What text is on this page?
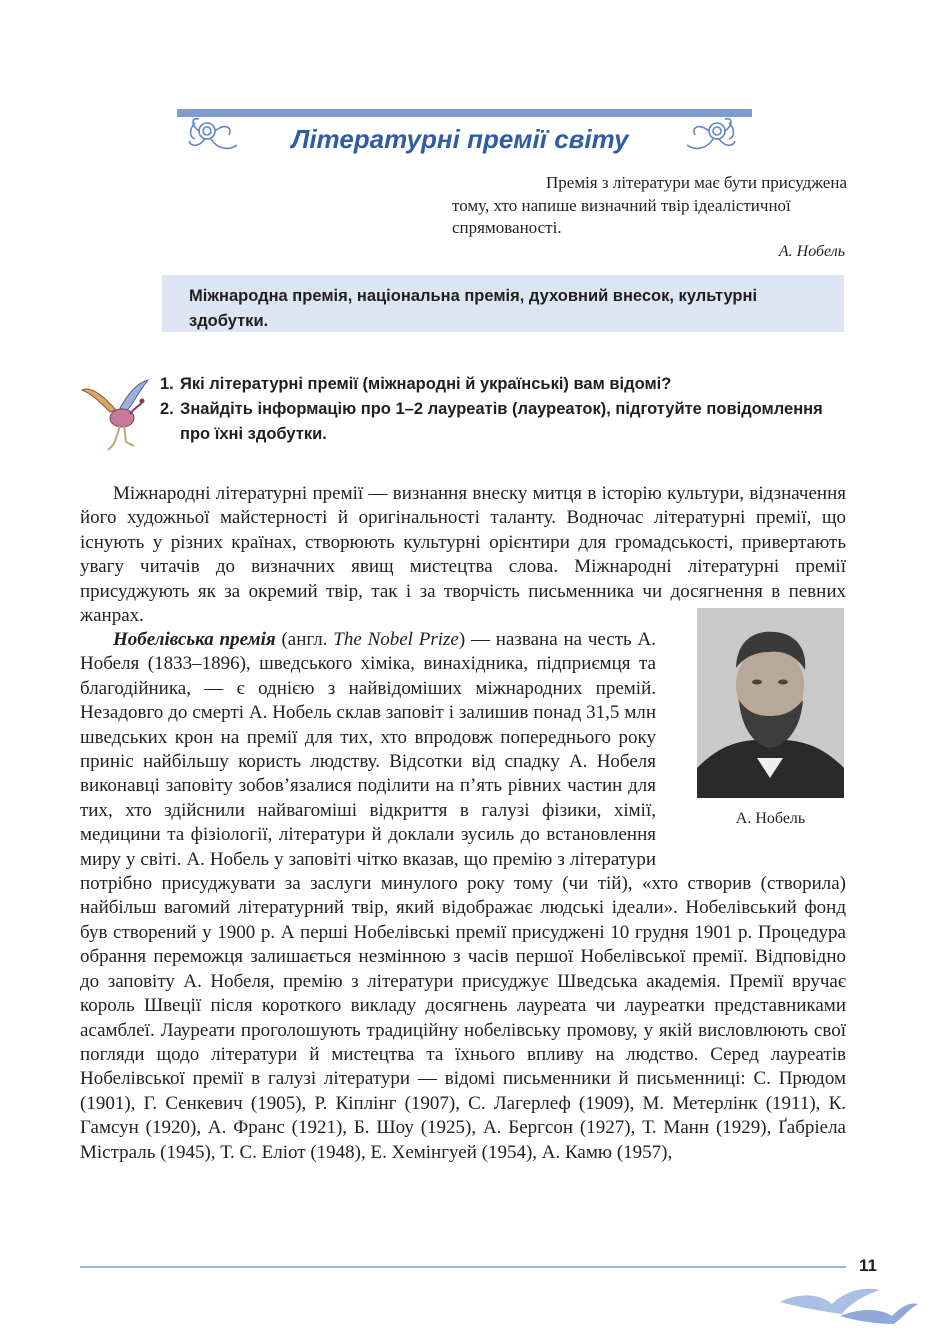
Літературні премії світу
Премія з літератури має бути присуджена
тому, хто напише визначний твір ідеалістичної
спрямованості.
А. Нобель
Міжнародна премія, національна премія, духовний внесок, культурні здобутки.
1. Які літературні премії (міжнародні й українські) вам відомі?
2. Знайдіть інформацію про 1–2 лауреатів (лауреаток), підготуйте повідомлення про їхні здобутки.
Міжнародні літературні премії — визнання внеску митця в історію культури, відзначення його художньої майстерності й оригінальності таланту. Водночас літературні премії, що існують у різних країнах, створюють культурні орієнтири для громадськості, привертають увагу читачів до визначних явищ мистецтва слова. Міжнародні літературні премії присуджують як за окремий твір, так і за творчість письменника чи досягнення в певних жанрах.
Нобелівська премія (англ. The Nobel Prize) — названа на честь А. Нобеля (1833–1896), шведського хіміка, винахідника, підприємця та благодійника, — є однією з найвідоміших міжнародних премій. Незадовго до смерті А. Нобель склав заповіт і залишив понад 31,5 млн шведських крон на премії для тих, хто впродовж попереднього року приніс найбільшу користь людству. Відсотки від спадку А. Нобеля виконавці заповіту зобов’язалися поділити на п’ять рівних частин для тих, хто здійснили найвагоміші відкриття в галузі фізики, хімії, медицини та фізіології, літератури й доклали зусиль до встановлення миру у світі. А. Нобель у заповіті чітко вказав, що премію з літератури потрібно присуджувати за заслуги минулого року тому (чи тій), «хто створив (створила) найбільш вагомий літературний твір, який відображає людські ідеали». Нобелівський фонд був створений у 1900 р. А перші Нобелівські премії присуджені 10 грудня 1901 р. Процедура обрання переможця залишається незмінною з часів першої Нобелівської премії. Відповідно до заповіту А. Нобеля, премію з літератури присуджує Шведська академія. Премії вручає король Швеції після короткого викладу досягнень лауреата чи лауреатки представниками асамблеї. Лауреати проголошують традиційну нобелівську промову, у якій висловлюють свої погляди щодо літератури й мистецтва та їхнього впливу на людство. Серед лауреатів Нобелівської премії в галузі літератури — відомі письменники й письменниці: С. Прюдом (1901), Г. Сенкевич (1905), Р. Кіплінг (1907), С. Лагерлеф (1909), М. Метерлінк (1911), К. Гамсун (1920), А. Франс (1921), Б. Шоу (1925), А. Бергсон (1927), Т. Манн (1929), Ґабріела Містраль (1945), Т. С. Еліот (1948), Е. Хемінгуей (1954), А. Камю (1957),
А. Нобель
11
